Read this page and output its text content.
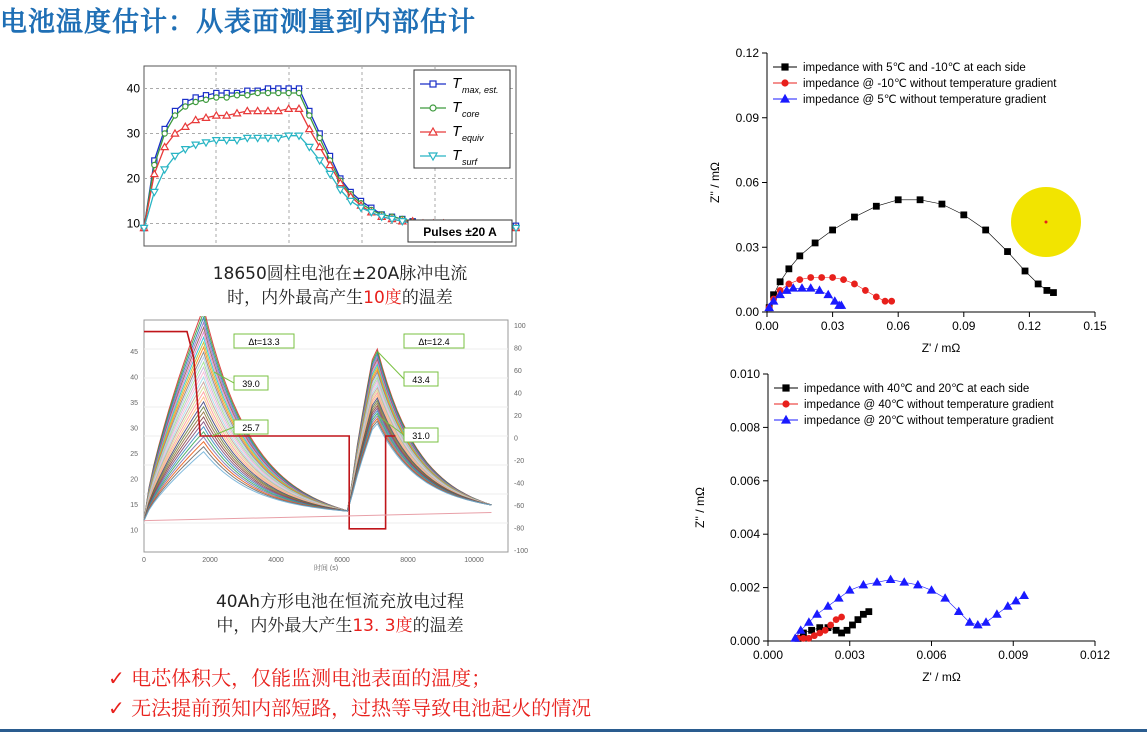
电池温度估计：从表面测量到内部估计
10
20
30
40	T max, est.
T core
T equiv
T surf
Pulses ±20 A
18650圆柱电池在±20A脉冲电流
时，内外最高产生10度的温差
Δt=13.3	Δt=12.4
39.0
25.7
43.4
31.0
45
40
35
30
25
20
15
10
100
80
60
40
20
0
-20
-40
-60
-80
-100
0	2000	4000	6000	8000	10000
时间 (s)
40Ah方形电池在恒流充放电过程
中，内外最大产生13. 3度的温差
0.00	0.03	0.06	0.09	0.12	0.15
0.00
0.03
0.06
0.09
0.12
Z' / mΩ
Z'' / mΩ
impedance with 5℃ and -10℃ at each side
impedance @ -10℃ without temperature gradient
impedance @ 5℃ without temperature gradient
0.000	0.003	0.006	0.009	0.012
0.000
0.002
0.004
0.006
0.008
0.010
Z' / mΩ
Z'' / mΩ
impedance with 40℃ and 20℃ at each side
impedance @ 40℃ without temperature gradient
impedance @ 20℃ without temperature gradient
✓ 电芯体积大，仅能监测电池表面的温度；
✓ 无法提前预知内部短路，过热等导致电池起火的情况
